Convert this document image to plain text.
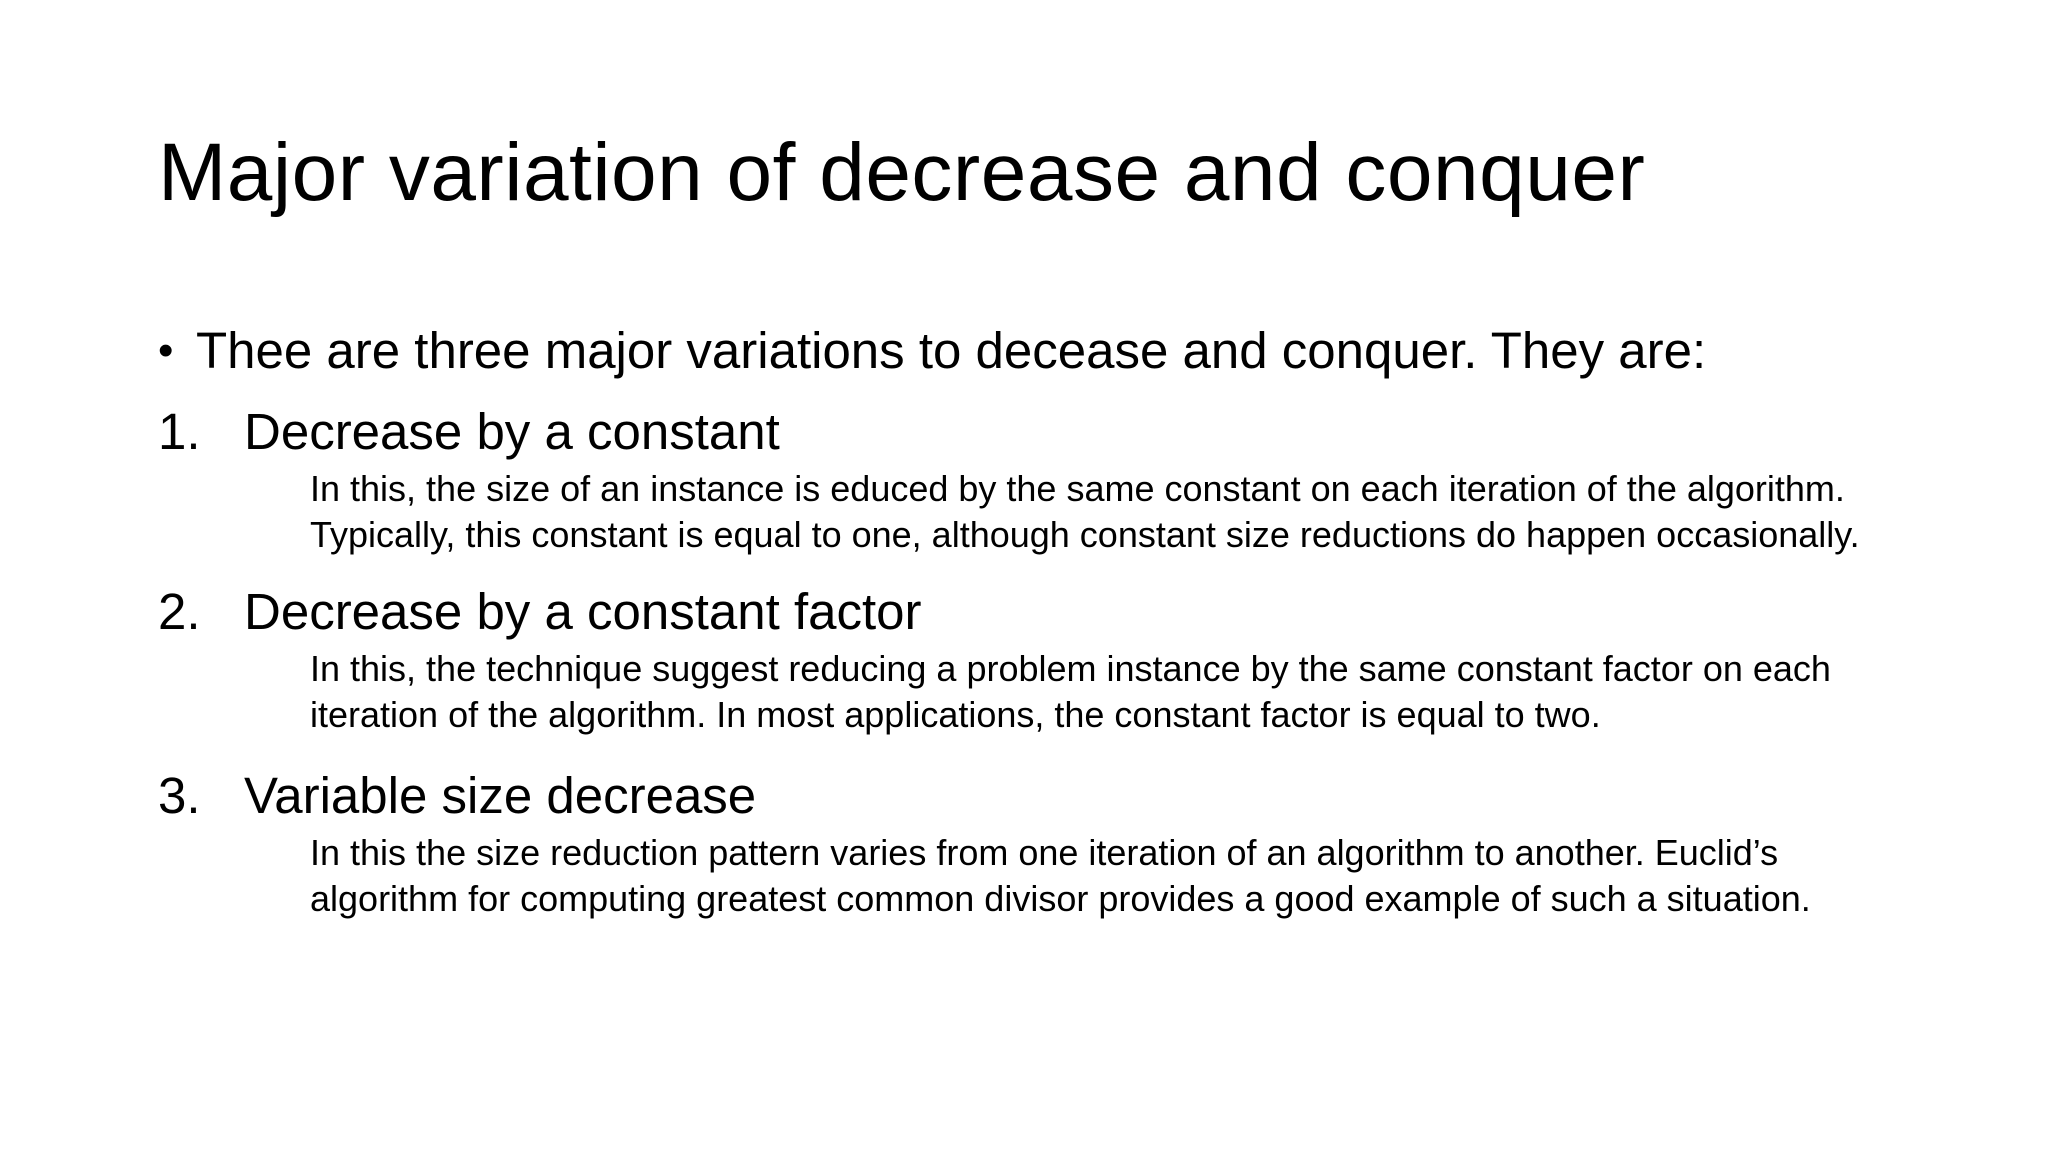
Major variation of decrease and conquer
• Thee are three major variations to decease and conquer. They are:
1. Decrease by a constant
In this, the size of an instance is educed by the same constant on each iteration of the algorithm. Typically, this constant is equal to one, although constant size reductions do happen occasionally.
2. Decrease by a constant factor
In this, the technique suggest reducing a problem instance by the same constant factor on each iteration of the algorithm. In most applications, the constant factor is equal to two.
3. Variable size decrease
In this the size reduction pattern varies from one iteration of an algorithm to another. Euclid’s algorithm for computing greatest common divisor provides a good example of such a situation.
